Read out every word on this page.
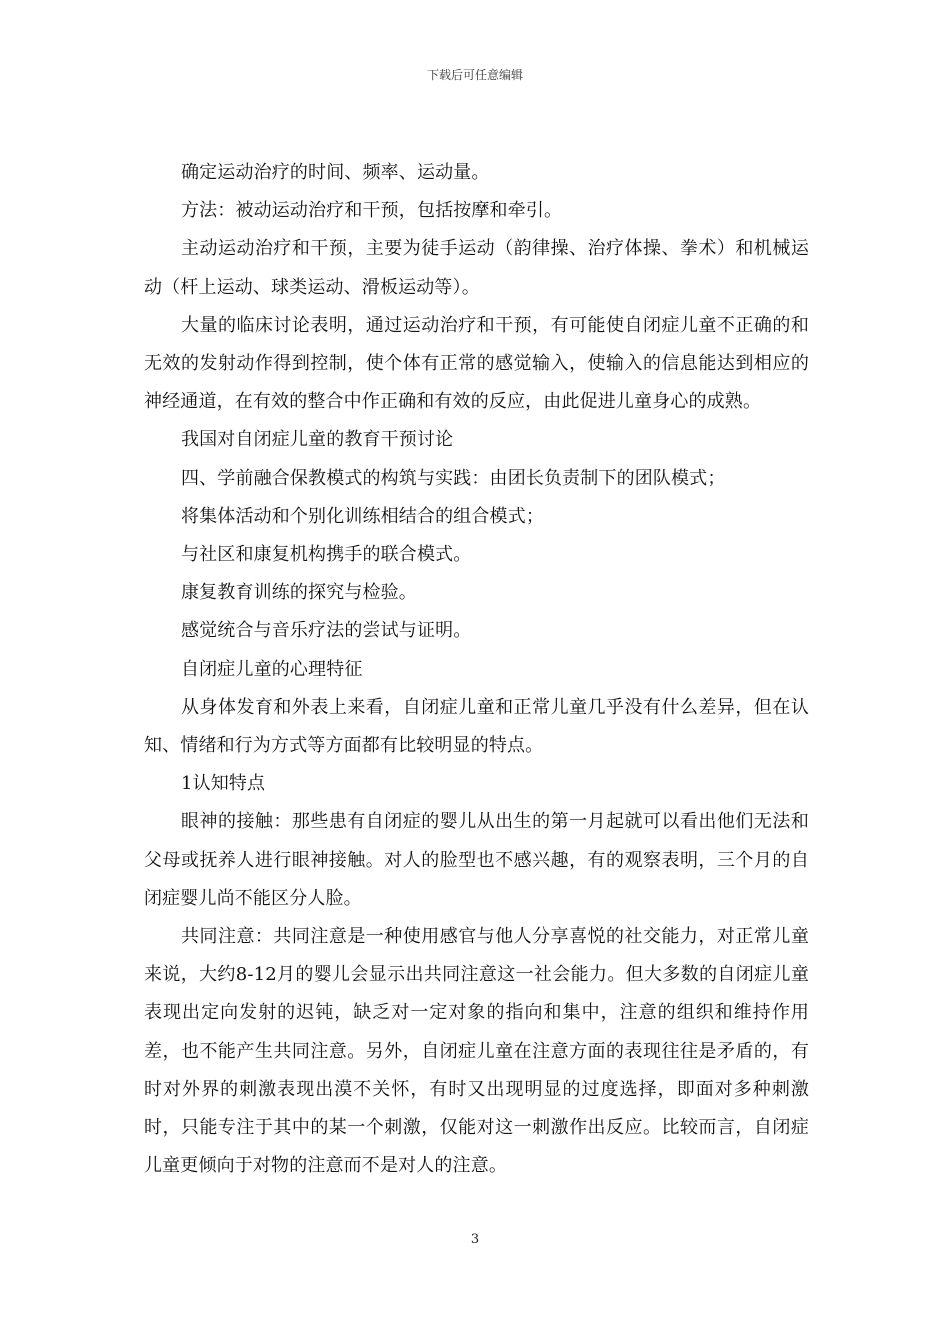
下载后可任意编辑

确定运动治疗的时间、频率、运动量。

方法：被动运动治疗和干预，包括按摩和牵引。

主动运动治疗和干预，主要为徒手运动（韵律操、治疗体操、拳术）和机械运动（杆上运动、球类运动、滑板运动等）。

大量的临床讨论表明，通过运动治疗和干预，有可能使自闭症儿童不正确的和无效的发射动作得到控制，使个体有正常的感觉输入，使输入的信息能达到相应的神经通道，在有效的整合中作正确和有效的反应，由此促进儿童身心的成熟。

我国对自闭症儿童的教育干预讨论

四、学前融合保教模式的构筑与实践：由团长负责制下的团队模式；

将集体活动和个别化训练相结合的组合模式；

与社区和康复机构携手的联合模式。

康复教育训练的探究与检验。

感觉统合与音乐疗法的尝试与证明。

自闭症儿童的心理特征

从身体发育和外表上来看，自闭症儿童和正常儿童几乎没有什么差异，但在认知、情绪和行为方式等方面都有比较明显的特点。

1认知特点

眼神的接触：那些患有自闭症的婴儿从出生的第一月起就可以看出他们无法和父母或抚养人进行眼神接触。对人的脸型也不感兴趣，有的观察表明，三个月的自闭症婴儿尚不能区分人脸。

共同注意：共同注意是一种使用感官与他人分享喜悦的社交能力，对正常儿童来说，大约8-12月的婴儿会显示出共同注意这一社会能力。但大多数的自闭症儿童表现出定向发射的迟钝，缺乏对一定对象的指向和集中，注意的组织和维持作用差，也不能产生共同注意。另外，自闭症儿童在注意方面的表现往往是矛盾的，有时对外界的刺激表现出漠不关怀，有时又出现明显的过度选择，即面对多种刺激时，只能专注于其中的某一个刺激，仅能对这一刺激作出反应。比较而言，自闭症儿童更倾向于对物的注意而不是对人的注意。

3
